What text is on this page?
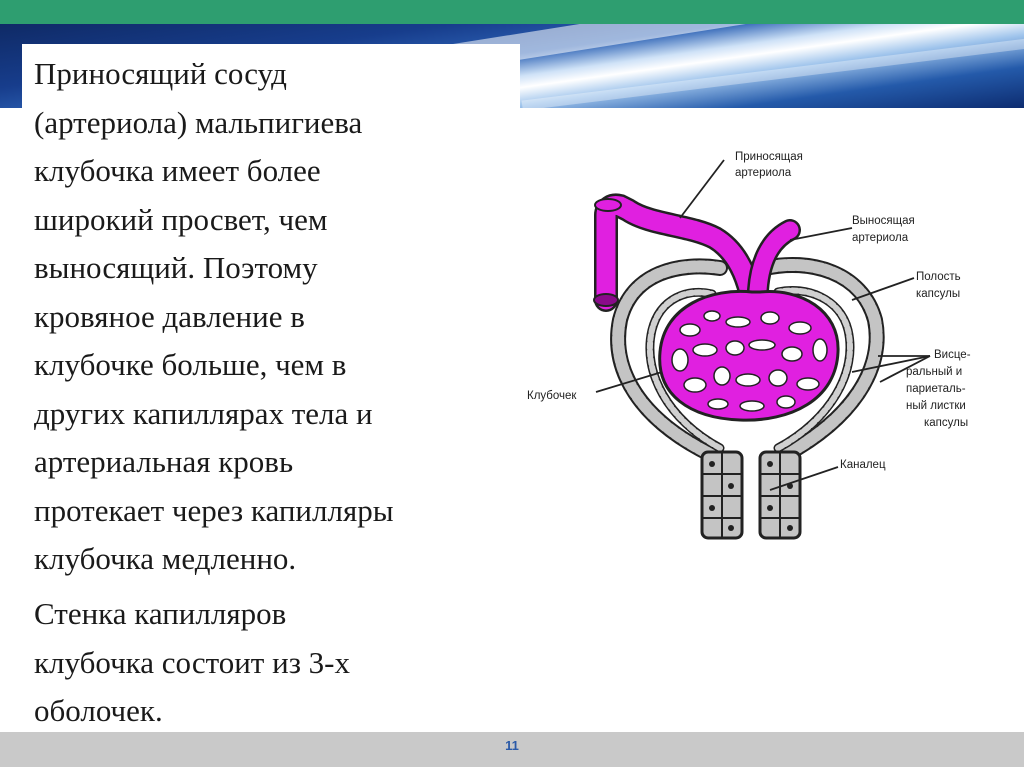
Приносящий сосуд
(артериола) мальпигиева
клубочка имеет более
широкий просвет, чем
выносящий. Поэтому
кровяное давление в
клубочке больше, чем в
других капиллярах тела и
артериальная кровь
протекает через капилляры
клубочка медленно.

Стенка капилляров
клубочка состоит из 3-х
оболочек.

Приносящая
артериола
Выносящая
артериола
Полость
капсулы
Висце-
ральный и
париеталь-
ный листки
капсулы
Клубочек
Каналец
11
